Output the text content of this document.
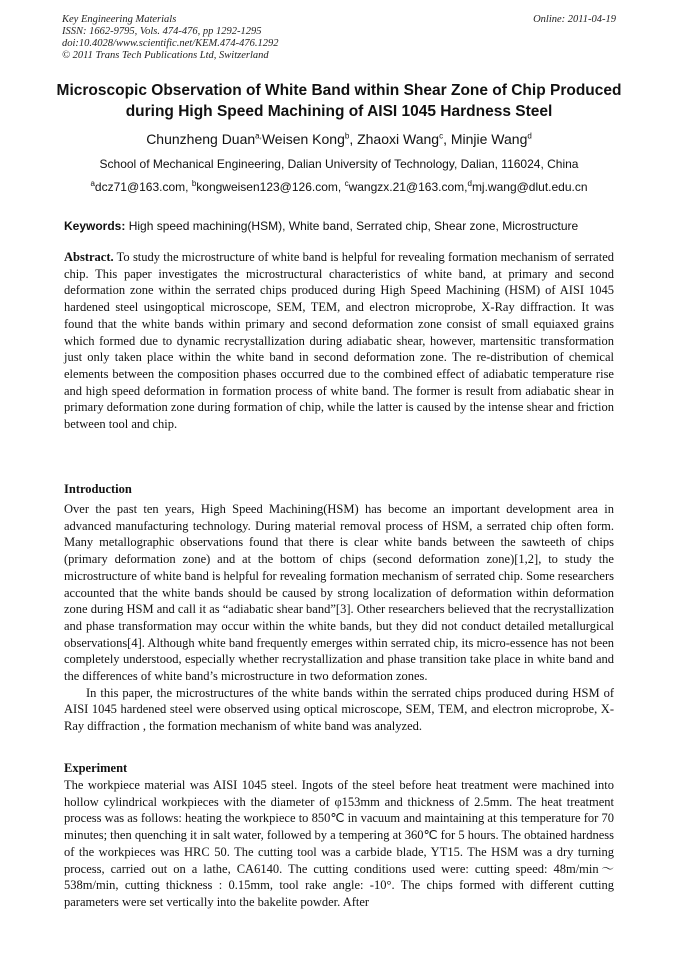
Key Engineering Materials
ISSN: 1662-9795, Vols. 474-476, pp 1292-1295
doi:10.4028/www.scientific.net/KEM.474-476.1292
© 2011 Trans Tech Publications Ltd, Switzerland
Online: 2011-04-19
Microscopic Observation of White Band within Shear Zone of Chip Produced during High Speed Machining of AISI 1045 Hardness Steel
Chunzheng Duan$^{a,}$Weisen Kong$^b$, Zhaoxi Wang$^c$, Minjie Wang$^d$
School of Mechanical Engineering, Dalian University of Technology, Dalian, 116024, China
$^a$dcz71@163.com, $^b$kongweisen123@126.com, $^c$wangzx.21@163.com,$^d$mj.wang@dlut.edu.cn
Keywords: High speed machining(HSM), White band, Serrated chip, Shear zone, Microstructure
Abstract. To study the microstructure of white band is helpful for revealing formation mechanism of serrated chip. This paper investigates the microstructural characteristics of white band, at primary and second deformation zone within the serrated chips produced during High Speed Machining (HSM) of AISI 1045 hardened steel usingoptical microscope, SEM, TEM, and electron microprobe, X-Ray diffraction. It was found that the white bands within primary and second deformation zone consist of small equiaxed grains which formed due to dynamic recrystallization during adiabatic shear, however, martensitic transformation just only taken place within the white band in second deformation zone. The re-distribution of chemical elements between the composition phases occurred due to the combined effect of adiabatic temperature rise and high speed deformation in formation process of white band. The former is result from adiabatic shear in primary deformation zone during formation of chip, while the latter is caused by the intense shear and friction between tool and chip.
Introduction

Over the past ten years, High Speed Machining(HSM) has become an important development area in advanced manufacturing technology. During material removal process of HSM, a serrated chip often form. Many metallographic observations found that there is clear white bands between the sawteeth of chips (primary deformation zone) and at the bottom of chips (second deformation zone)[1,2], to study the microstructure of white band is helpful for revealing formation mechanism of serrated chip. Some researchers accounted that the white bands should be caused by strong localization of deformation within deformation zone during HSM and call it as “adiabatic shear band”[3]. Other researchers believed that the recrystallization and phase transformation may occur within the white bands, but they did not conduct detailed metallurgical observations[4]. Although white band frequently emerges within serrated chip, its micro-essence has not been completely understood, especially whether recrystallization and phase transition take place in white band and the differences of white band’s microstructure in two deformation zones.

In this paper, the microstructures of the white bands within the serrated chips produced during HSM of AISI 1045 hardened steel were observed using optical microscope, SEM, TEM, and electron microprobe, X-Ray diffraction , the formation mechanism of white band was analyzed.

Experiment

The workpiece material was AISI 1045 steel. Ingots of the steel before heat treatment were machined into hollow cylindrical workpieces with the diameter of φ153mm and thickness of 2.5mm. The heat treatment process was as follows: heating the workpiece to 850℃ in vacuum and maintaining at this temperature for 70 minutes; then quenching it in salt water, followed by a tempering at 360℃ for 5 hours. The obtained hardness of the workpieces was HRC 50. The cutting tool was a carbide blade, YT15. The HSM was a dry turning process, carried out on a lathe, CA6140. The cutting conditions used were: cutting speed: 48m/min～538m/min, cutting thickness : 0.15mm, tool rake angle: -10°. The chips formed with different cutting parameters were set vertically into the bakelite powder. After
